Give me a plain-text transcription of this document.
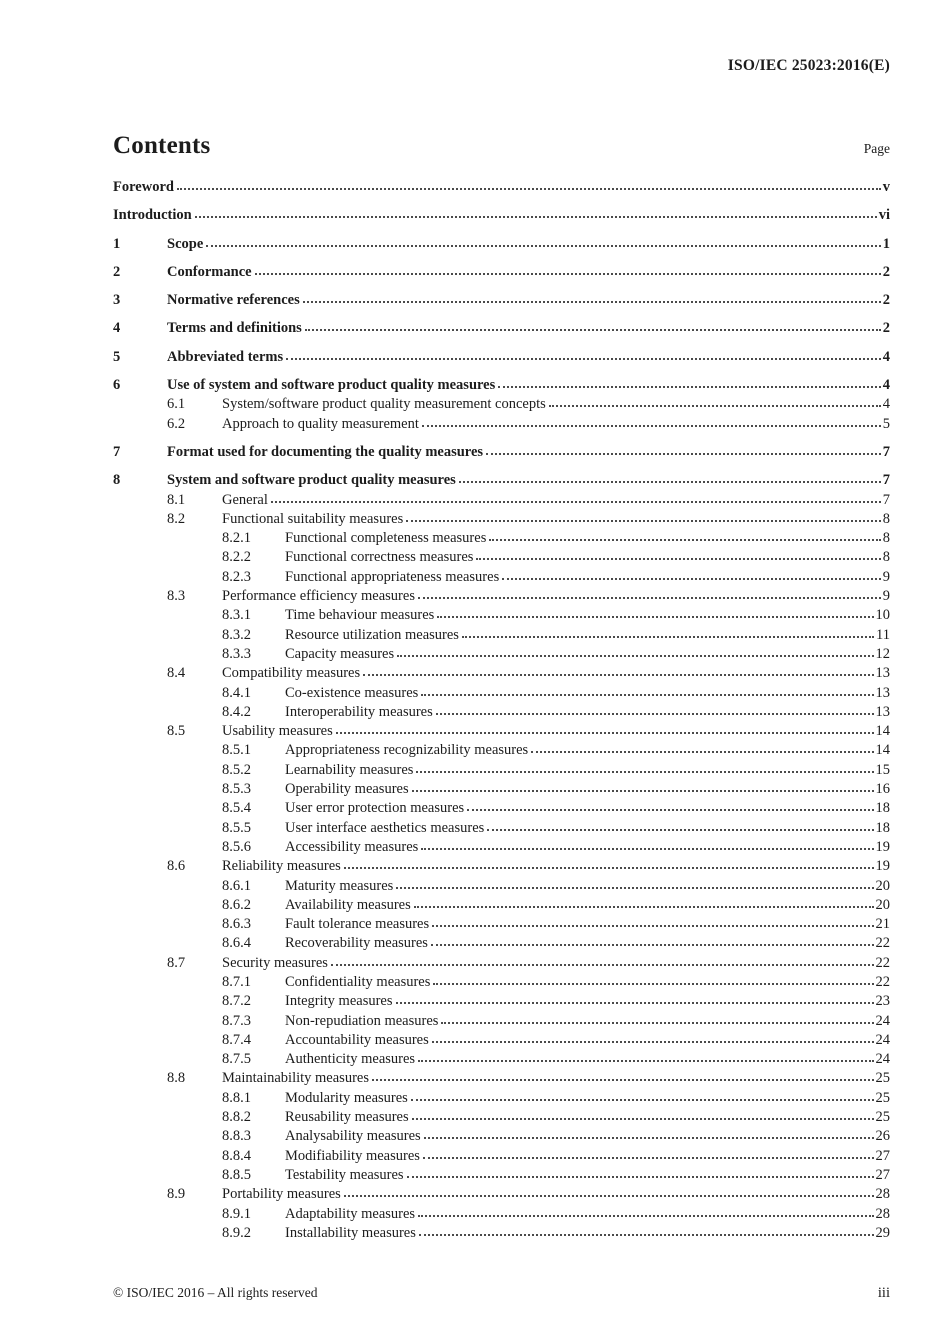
ISO/IEC 25023:2016(E)
Contents	Page
Foreword	v
Introduction	vi
1	Scope	1
2	Conformance	2
3	Normative references	2
4	Terms and definitions	2
5	Abbreviated terms	4
6	Use of system and software product quality measures	4
6.1	System/software product quality measurement concepts	4
6.2	Approach to quality measurement	5
7	Format used for documenting the quality measures	7
8	System and software product quality measures	7
8.1	General	7
8.2	Functional suitability measures	8
8.2.1	Functional completeness measures	8
8.2.2	Functional correctness measures	8
8.2.3	Functional appropriateness measures	9
8.3	Performance efficiency measures	9
8.3.1	Time behaviour measures	10
8.3.2	Resource utilization measures	11
8.3.3	Capacity measures	12
8.4	Compatibility measures	13
8.4.1	Co-existence measures	13
8.4.2	Interoperability measures	13
8.5	Usability measures	14
8.5.1	Appropriateness recognizability measures	14
8.5.2	Learnability measures	15
8.5.3	Operability measures	16
8.5.4	User error protection measures	18
8.5.5	User interface aesthetics measures	18
8.5.6	Accessibility measures	19
8.6	Reliability measures	19
8.6.1	Maturity measures	20
8.6.2	Availability measures	20
8.6.3	Fault tolerance measures	21
8.6.4	Recoverability measures	22
8.7	Security measures	22
8.7.1	Confidentiality measures	22
8.7.2	Integrity measures	23
8.7.3	Non-repudiation measures	24
8.7.4	Accountability measures	24
8.7.5	Authenticity measures	24
8.8	Maintainability measures	25
8.8.1	Modularity measures	25
8.8.2	Reusability measures	25
8.8.3	Analysability measures	26
8.8.4	Modifiability measures	27
8.8.5	Testability measures	27
8.9	Portability measures	28
8.9.1	Adaptability measures	28
8.9.2	Installability measures	29
© ISO/IEC 2016 – All rights reserved	iii
